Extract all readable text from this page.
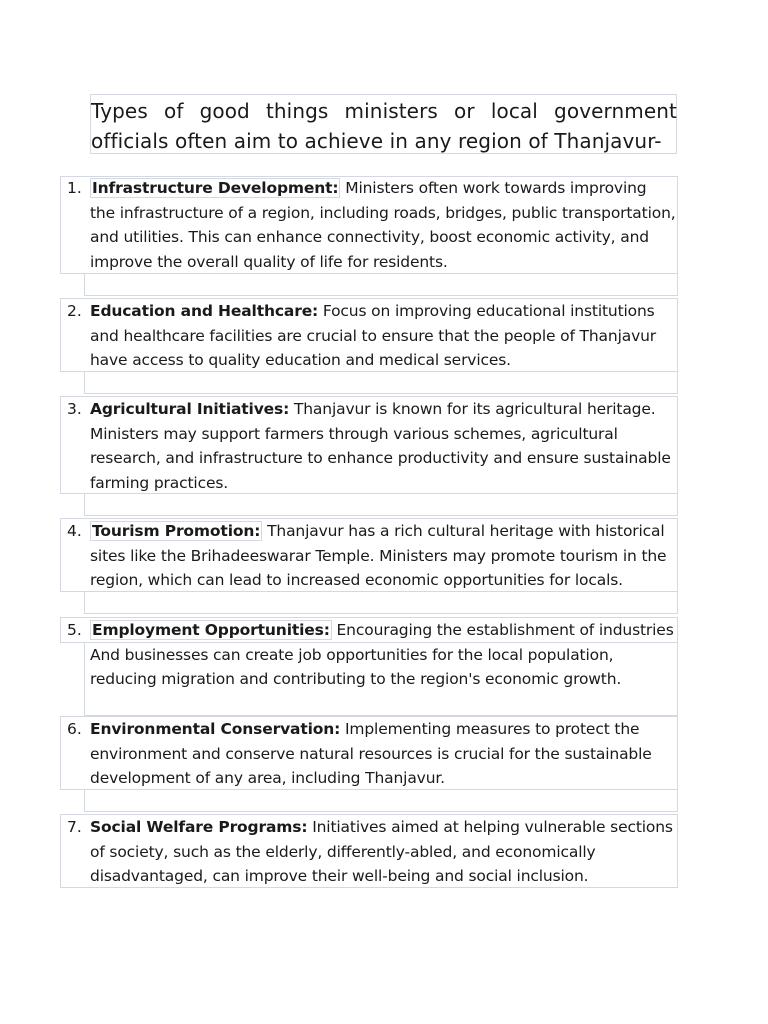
Types of good things ministers or local government officials often aim to achieve in any region of Thanjavur-
1. Infrastructure Development: Ministers often work towards improving the infrastructure of a region, including roads, bridges, public transportation, and utilities. This can enhance connectivity, boost economic activity, and improve the overall quality of life for residents.
2. Education and Healthcare: Focus on improving educational institutions and healthcare facilities are crucial to ensure that the people of Thanjavur have access to quality education and medical services.
3. Agricultural Initiatives: Thanjavur is known for its agricultural heritage. Ministers may support farmers through various schemes, agricultural research, and infrastructure to enhance productivity and ensure sustainable farming practices.
4. Tourism Promotion: Thanjavur has a rich cultural heritage with historical sites like the Brihadeeswarar Temple. Ministers may promote tourism in the region, which can lead to increased economic opportunities for locals.
5. Employment Opportunities: Encouraging the establishment of industries And businesses can create job opportunities for the local population, reducing migration and contributing to the region's economic growth.
6. Environmental Conservation: Implementing measures to protect the environment and conserve natural resources is crucial for the sustainable development of any area, including Thanjavur.
7. Social Welfare Programs: Initiatives aimed at helping vulnerable sections of society, such as the elderly, differently-abled, and economically disadvantaged, can improve their well-being and social inclusion.
